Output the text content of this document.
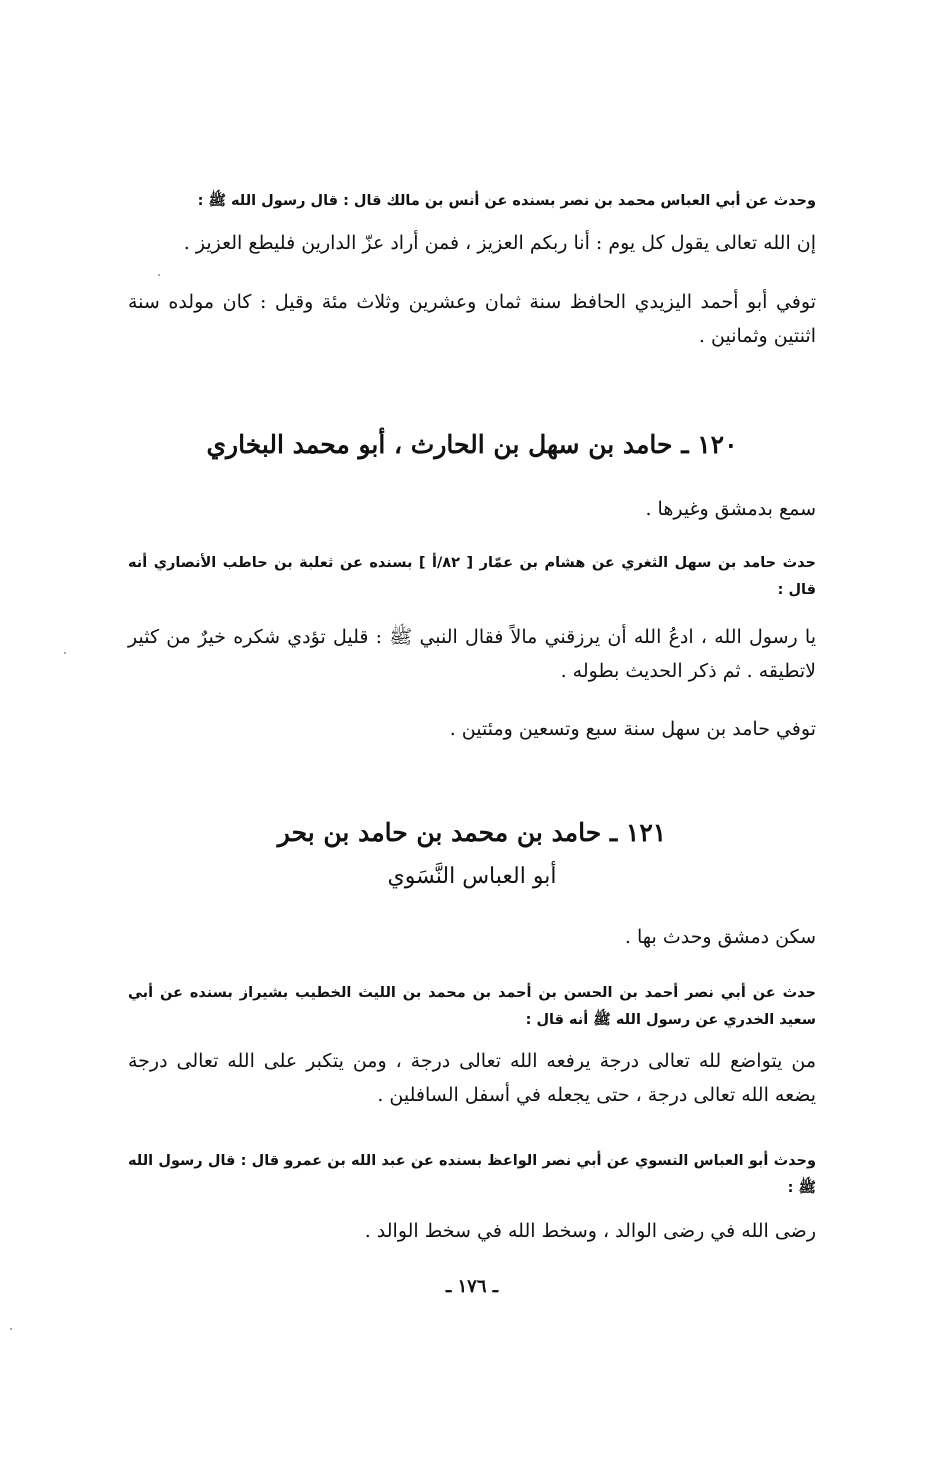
وحدث عن أبي العباس محمد بن نصر بسنده عن أنس بن مالك قال : قال رسول الله ﷺ :
إن الله تعالى يقول كل يوم : أنا ربكم العزيز ، فمن أراد عزّ الدارين فليطع العزيز .
توفي أبو أحمد اليزيدي الحافظ سنة ثمان وعشرين وثلاث مئة وقيل : كان مولده سنة اثنتين وثمانين .
١٢٠ ـ حامد بن سهل بن الحارث ، أبو محمد البخاري
سمع بدمشق وغيرها .
حدث حامد بن سهل الثغري عن هشام بن عمّار [ ٨٢/أ ] بسنده عن ثعلبة بن حاطب الأنصاري أنه قال :
يا رسول الله ، ادعُ الله أن يرزقني مالاً فقال النبي ﷺ : قليل تؤدي شكره خيرٌ من كثير لاتطيقه . ثم ذكر الحديث بطوله .
توفي حامد بن سهل سنة سبع وتسعين ومئتين .
١٢١ ـ حامد بن محمد بن حامد بن بحر
أبو العباس النَّسَوي
سكن دمشق وحدث بها .
حدث عن أبي نصر أحمد بن الحسن بن أحمد بن محمد بن الليث الخطيب بشيراز بسنده عن أبي سعيد الخدري عن رسول الله ﷺ أنه قال :
من يتواضع لله تعالى درجة يرفعه الله تعالى درجة ، ومن يتكبر على الله تعالى درجة يضعه الله تعالى درجة ، حتى يجعله في أسفل السافلين .
وحدث أبو العباس النسوي عن أبي نصر الواعظ بسنده عن عبد الله بن عمرو قال : قال رسول الله ﷺ :
رضى الله في رضى الوالد ، وسخط الله في سخط الوالد .
ـ ١٧٦ ـ
